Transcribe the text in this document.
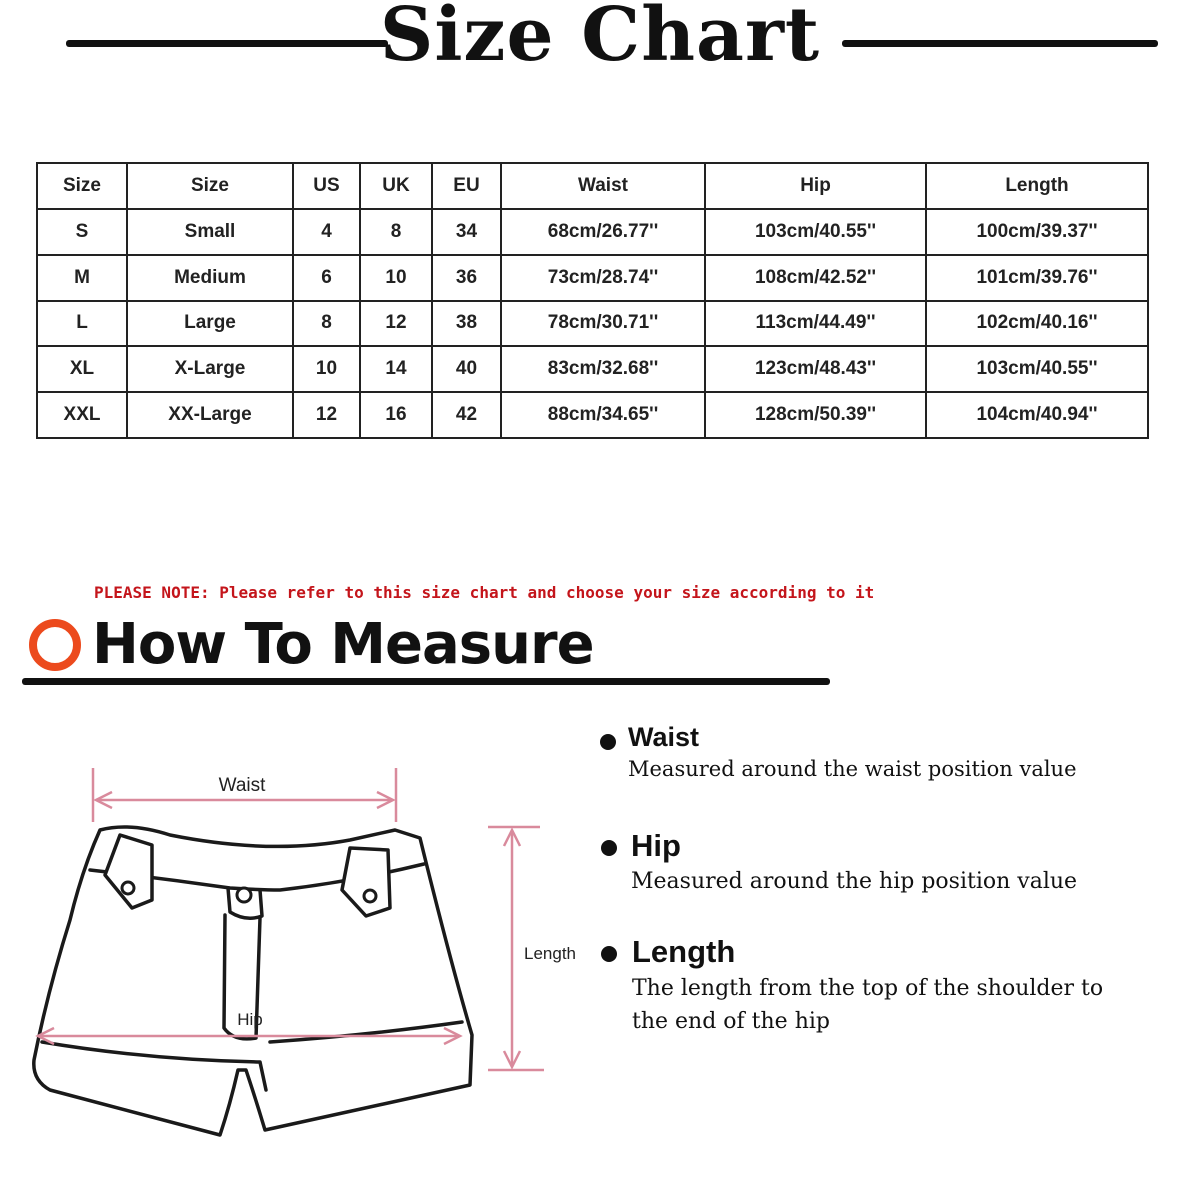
Size Chart
Size	Size	US	UK	EU	Waist	Hip	Length
S	Small	4	8	34	68cm/26.77''	103cm/40.55''	100cm/39.37''
M	Medium	6	10	36	73cm/28.74''	108cm/42.52''	101cm/39.76''
L	Large	8	12	38	78cm/30.71''	113cm/44.49''	102cm/40.16''
XL	X-Large	10	14	40	83cm/32.68''	123cm/48.43''	103cm/40.55''
XXL	XX-Large	12	16	42	88cm/34.65''	128cm/50.39''	104cm/40.94''
PLEASE NOTE: Please refer to this size chart and choose your size according to it
How To Measure
Waist
Hip
Length
Waist
Measured around the waist position value
Hip
Measured around the hip position value
Length
The length from the top of the shoulder to
the end of the hip
